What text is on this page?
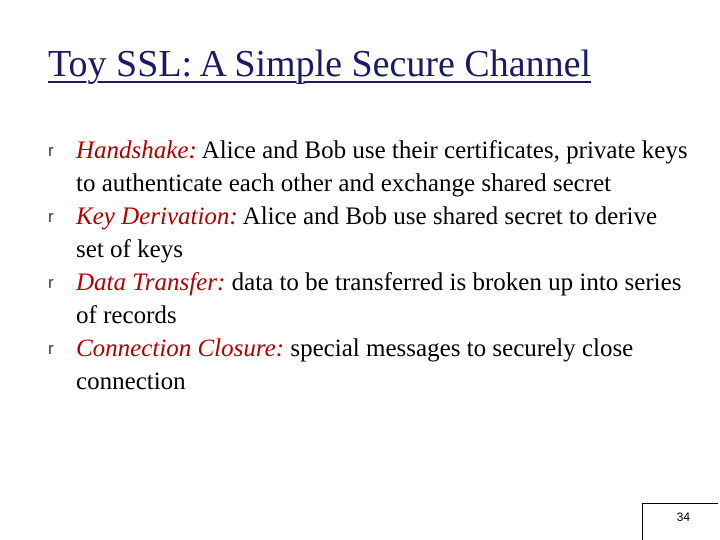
Toy SSL: A Simple Secure Channel
r Handshake: Alice and Bob use their certificates, private keys to authenticate each other and exchange shared secret
r Key Derivation: Alice and Bob use shared secret to derive set of keys
r Data Transfer: data to be transferred is broken up into series of records
r Connection Closure: special messages to securely close connection
34
